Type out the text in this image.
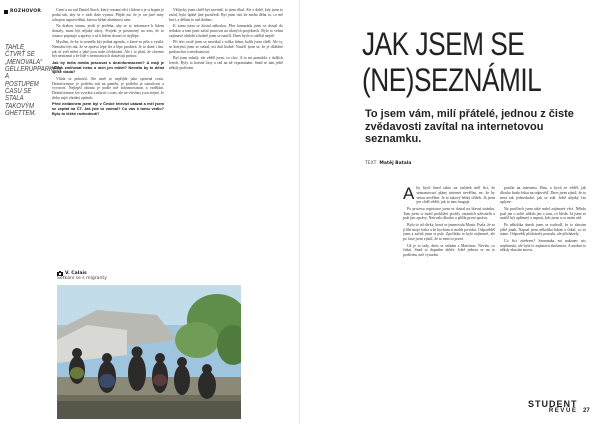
ROZHOVOR
TAHLE ČTVRŤ SE „MENOVALA“ GELLERUPPARKEN A POSTUPEM ČASU SE STALA TAKOVÝM GHETTEM.

Čtení a na rad Daniel Stach, který rozumí věcí i lidem a je schopen je podat tak, aby se v nich dalo vyznat. Přijde mi, že je on jisté míry schopen ospravedlnit, kterou hýbal zkušenost sám.

Na drahou stranu, jestli je potřeba, aby se ty informace k lidem dostaly, musí být nějaký zdroj. Projekt je postavený na tom, že se situace popisuje a zprávy o ní k lidem dorazí co nejlépe.

Myslím, že by to neměla být jediná agenda, o které se píše a vysílá. Nemohu být tak, že se zpráva lépe čte a lépe prodává. Je to dané i tím, jak se svět mění a jaké jsou naše očekávání. Ale i to platí, že chceme být nestranní a že lidé v nemocnicích dostávají pomoc.

Jak by měla média pracovat s dezinformacemi? A mají je vůbec zmiňovat nebo o nich jen mlčet? Neměla by to dělat spíše vláda?

Vláda se pokouší. Ale mně to nepřijde jako správná cesta. Dezinformace je potřeba mít na paměti, je potřeba je označovat a vyvracet. Nejlepší obrana je podle mě informovanost a vzdělání. Dezinformace lze vyvrátit a mluvit o tom, ale ne všechny jsou stejné. Je třeba najít vhodný způsob.

Před nedávnem jsem byl v České televizi ukázat a měl jsem se zeptat na ČT. Jak jste to vnímal? Co vás k tomu vedlo? Bylo to těžké rozhodnutí?

Vždycky jsem chtěl být novinář, to jsem tíhal. Ale v době, kdy jsem to začal, bylo úplně jiné prostředí. Byl jsem rád, že mohu dělat to, co mě baví, a dělám to rád dodnes.

K tomu jsem se dostal náhodou. Přes kamaráda jsem se dostal do redakce a tam jsem začal pracovat na různých projektech. Bylo to velmi zajímavé období a hodně jsem se naučil. Dnes bych to udělal stejně.

Při této cestě jsem se nesetkal s tolika lidmi, kolik jsem chtěl. Ale ty, se kterými jsem se setkal, mi dali hodně. Naučil jsem se, že je důležité poslouchat a neodsuzovat.

Byl jsem mladý, ale věděl jsem, co chci. A to mi pomohlo v dalších letech. Byly to krásné časy a rád na ně vzpomínám. Snad se tam ještě někdy podívám.

V. Calais
Setkání se s migranty
JAK JSEM SE
(NE)SEZNÁMIL
To jsem vám, milí přátelé, jednou z čiste zvědavosti zavítal na internetovou seznamku.
TEXT Matěj Batala

Aby bych hned takto na začátek měl říct, že seznamovací plány internet nevěřím, ne, že by vinou nevěřím. Je to takový lehký oříšek. Já jsem jen chtěl vědět, jak to tam funguje.

Po procesu registrace jsem se dostal na hlavní stránku. Tam jsem si mohl prohlížet profily ostatních uživatelů a psát jim zprávy. Netrvalo dlouho a přišla první zpráva.

Bylo to od dívky, která se jmenovala Marta. Psala, že se jí líbí moje fotka a že bychom si mohli povídat. Odpověděl jsem a začali jsme si psát. Zpočátku to bylo zajímavé, ale po čase jsem zjistil, že to není to pravé.

Už je to tady, dnes se setkám s Martinou. Nevím, co čekat. Snad to dopadne dobře. Ještě jednou se na to podívám, než vyrazím.

posílat na internetu. Hnu, a bych se věděl, jak dlouho budu čekat na odpověď. Dnes jsem zjistil, že to není tak jednoduché, jak se zdá. Ještě nějaký čas uplyne.

Na profilech jsem také našel zajímavé věci. Někdo psal jen o sobě, někdo jen o tom, co hledá. Já jsem se snažil být upřímný a napsat, kdo jsem a co mám rád.

Po několika dnech jsem se rozhodl, že to zkusím ještě jinak. Napsal jsem několika lidem a čekal, co se stane. Odpovědi přicházely pomalu, ale přicházely.

Co říct závěrem? Seznamka mi nakonec nic nepřinesla, ale byla to zajímavá zkušenost. A možná to někdy zkusím znovu.

STUDENT
REVUE 27
